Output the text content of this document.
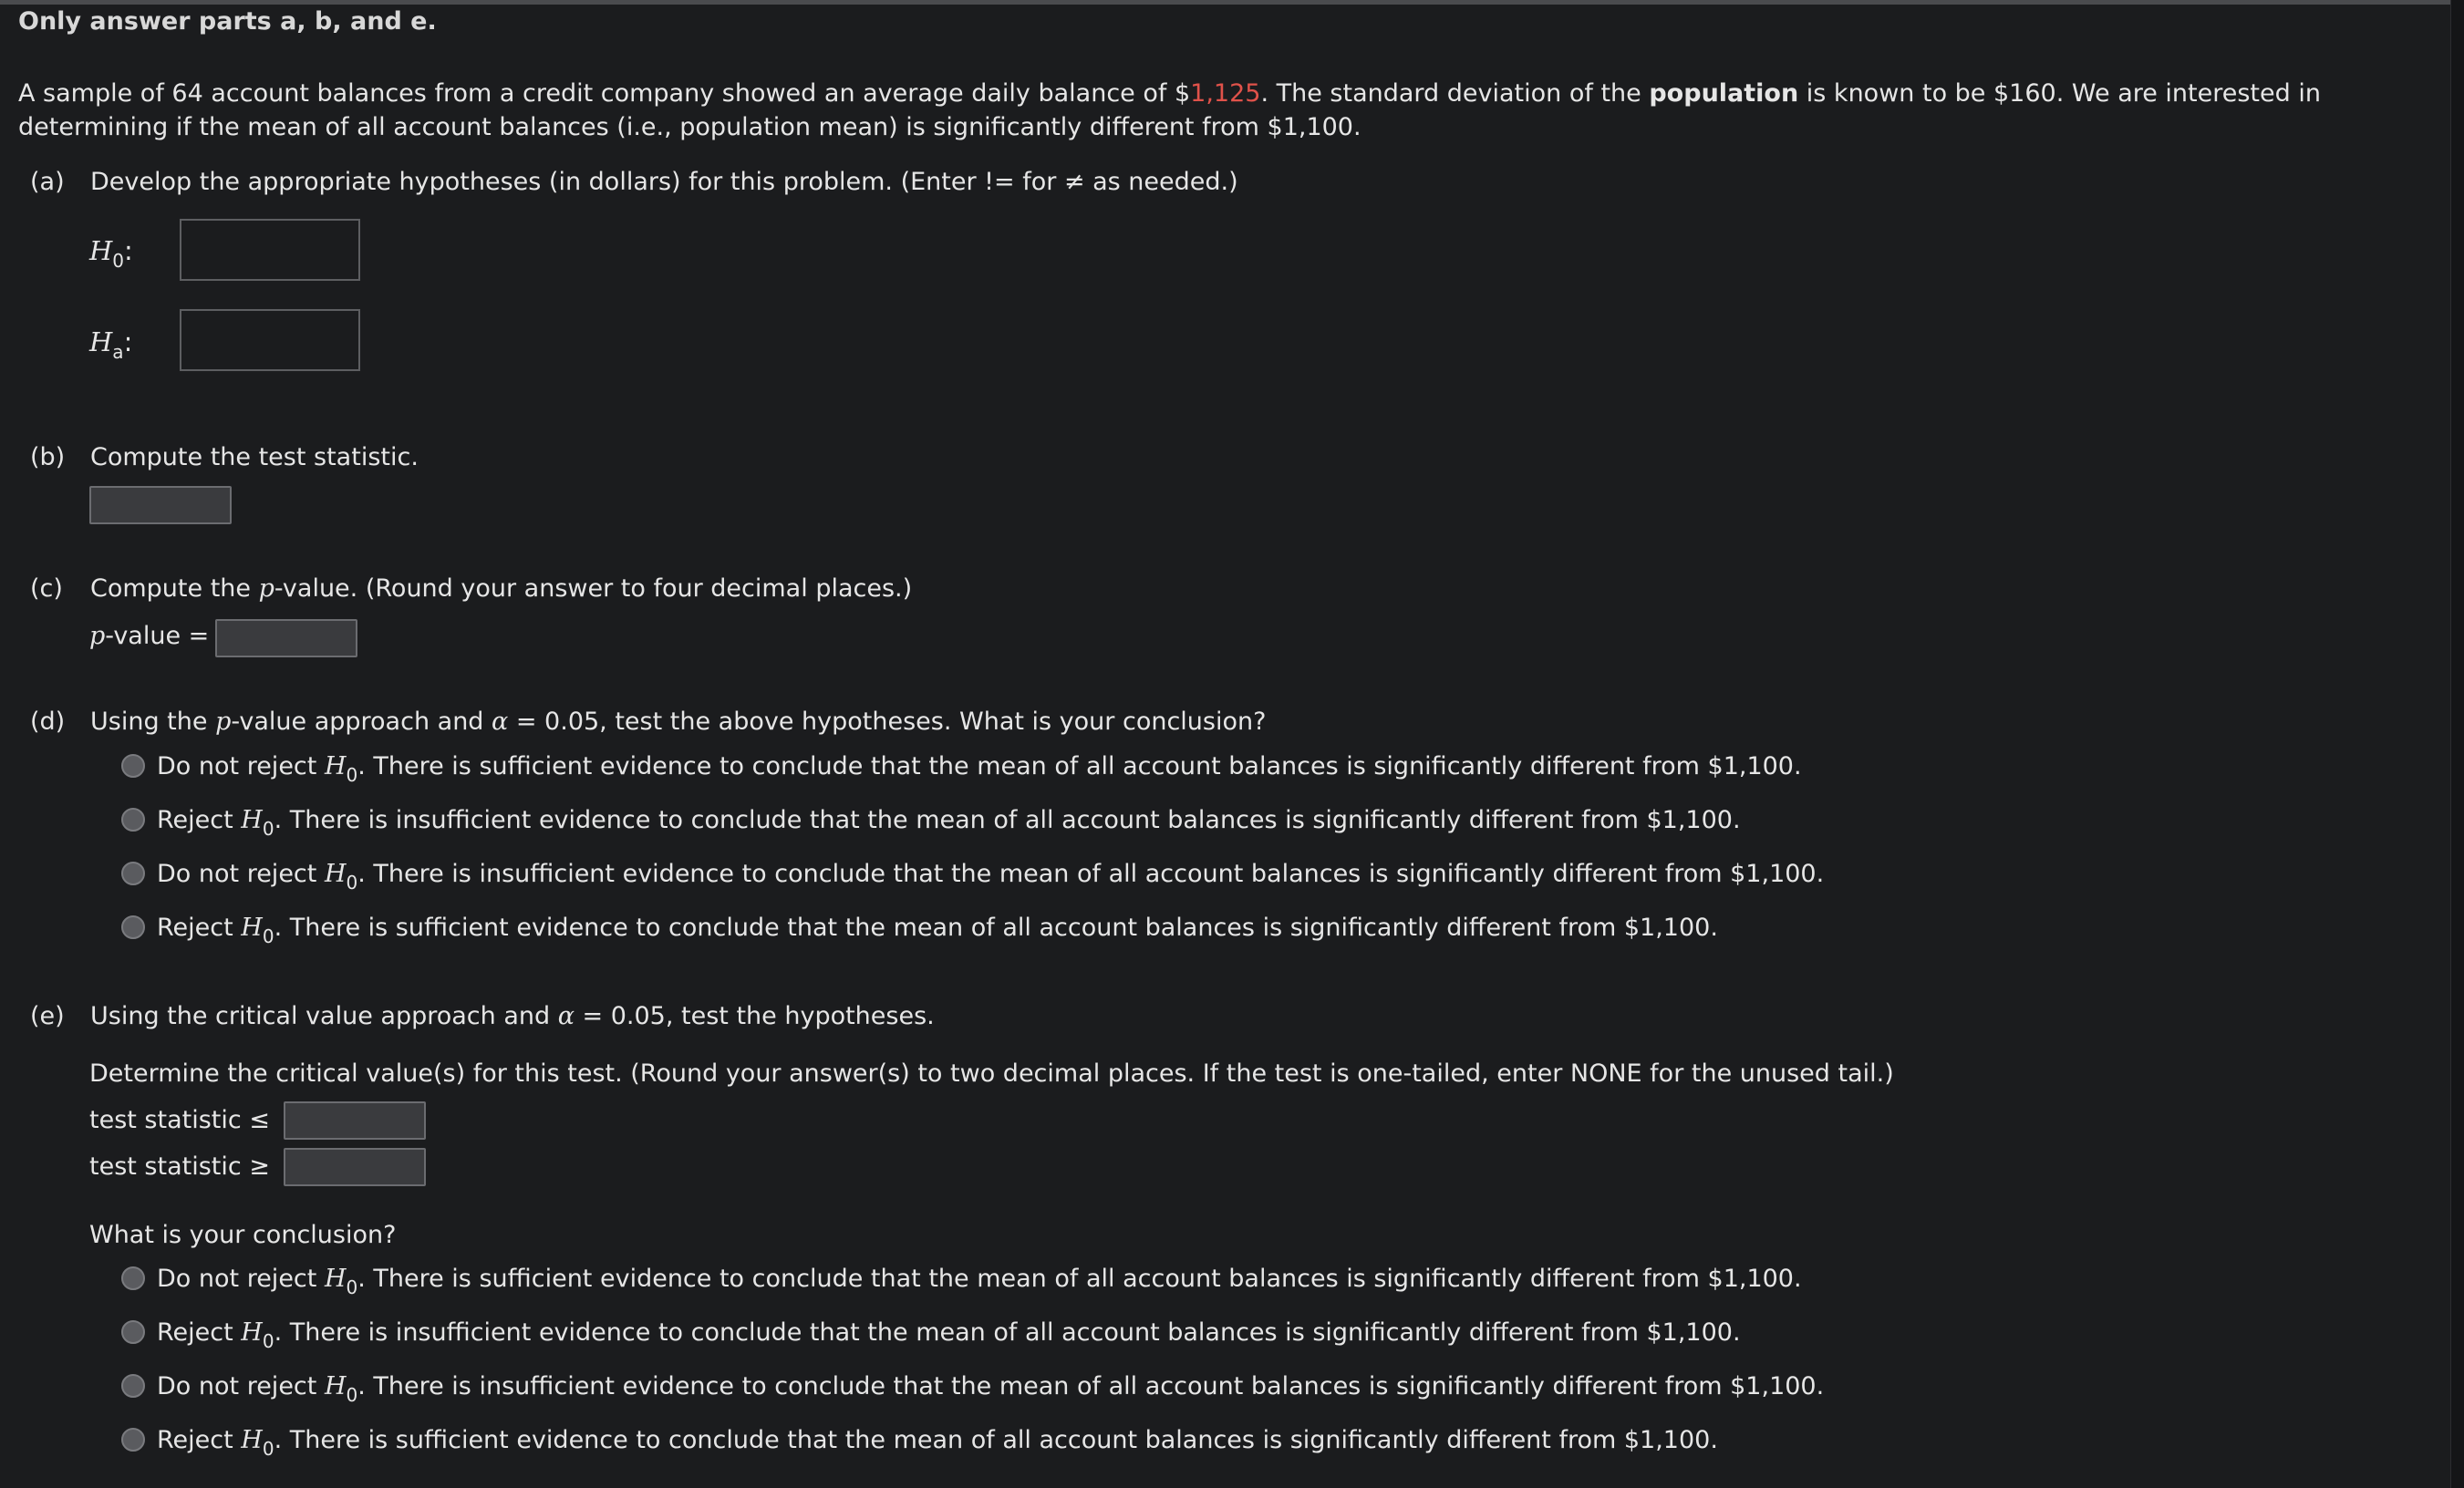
Only answer parts a, b, and e.
A sample of 64 account balances from a credit company showed an average daily balance of $1,125. The standard deviation of the population is known to be $160. We are interested in determining if the mean of all account balances (i.e., population mean) is significantly different from $1,100.
(a) Develop the appropriate hypotheses (in dollars) for this problem. (Enter != for ≠ as needed.)
$H_0$:
$H_a$:
(b) Compute the test statistic.
(c) Compute the p-value. (Round your answer to four decimal places.)
p-value =
(d) Using the p-value approach and α = 0.05, test the above hypotheses. What is your conclusion?
Do not reject $H_0$. There is sufficient evidence to conclude that the mean of all account balances is significantly different from $1,100.
Reject $H_0$. There is insufficient evidence to conclude that the mean of all account balances is significantly different from $1,100.
Do not reject $H_0$. There is insufficient evidence to conclude that the mean of all account balances is significantly different from $1,100.
Reject $H_0$. There is sufficient evidence to conclude that the mean of all account balances is significantly different from $1,100.
(e) Using the critical value approach and α = 0.05, test the hypotheses.
Determine the critical value(s) for this test. (Round your answer(s) to two decimal places. If the test is one-tailed, enter NONE for the unused tail.)
test statistic ≤
test statistic ≥
What is your conclusion?
Do not reject $H_0$. There is sufficient evidence to conclude that the mean of all account balances is significantly different from $1,100.
Reject $H_0$. There is insufficient evidence to conclude that the mean of all account balances is significantly different from $1,100.
Do not reject $H_0$. There is insufficient evidence to conclude that the mean of all account balances is significantly different from $1,100.
Reject $H_0$. There is sufficient evidence to conclude that the mean of all account balances is significantly different from $1,100.
